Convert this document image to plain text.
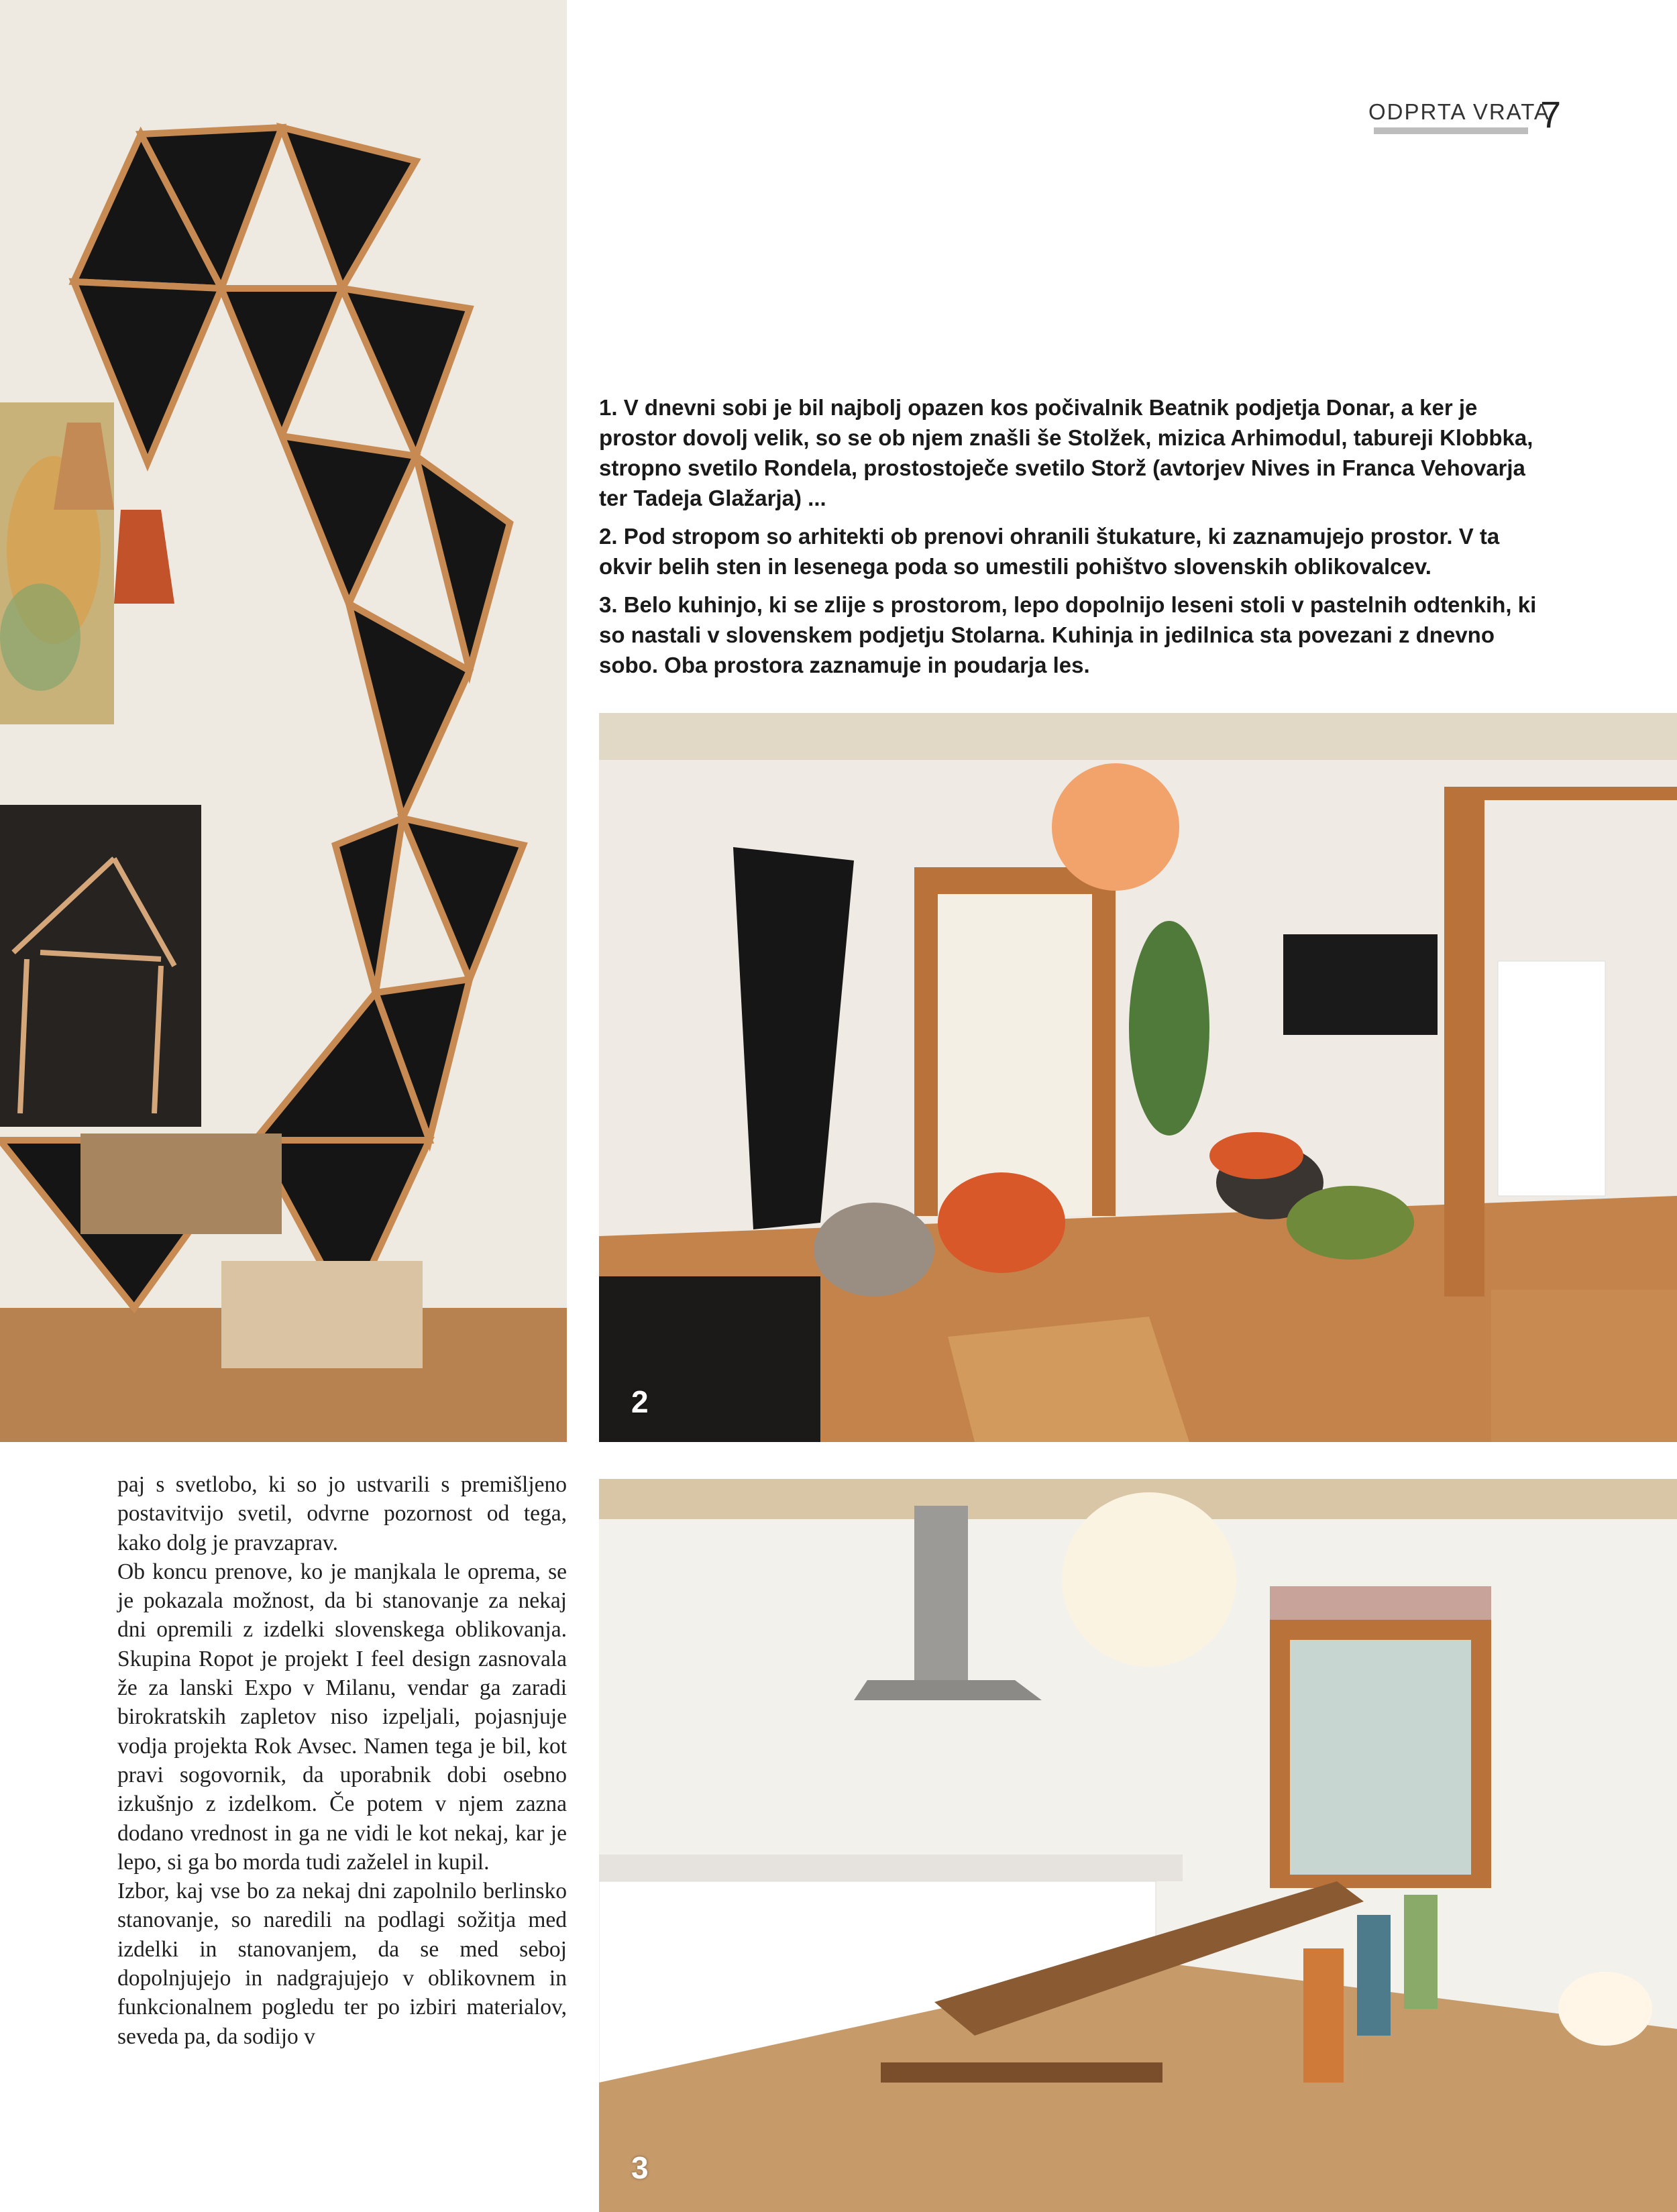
ODPRTA VRATA
7

1. V dnevni sobi je bil najbolj opazen kos počivalnik Beatnik podjetja Donar, a ker je prostor dovolj velik, so se ob njem znašli še Stolžek, mizica Arhimodul, tabureji Klobbka, stropno svetilo Rondela, prostostoječe svetilo Storž (avtorjev Nives in Franca Vehovarja ter Tadeja Glažarja) ...

2. Pod stropom so arhitekti ob prenovi ohranili štukature, ki zaznamujejo prostor. V ta okvir belih sten in lesenega poda so umestili pohištvo slovenskih oblikovalcev.

3. Belo kuhinjo, ki se zlije s prostorom, lepo dopolnijo leseni stoli v pastelnih odtenkih, ki so nastali v slovenskem podjetju Stolarna. Kuhinja in jedilnica sta povezani z dnevno sobo. Oba prostora zaznamuje in poudarja les.

2
3

paj s svetlobo, ki so jo ustvarili s premišljeno postavitvijo svetil, odvrne pozornost od tega, kako dolg je pravzaprav.

Ob koncu prenove, ko je manjkala le oprema, se je pokazala možnost, da bi stanovanje za nekaj dni opremili z izdelki slovenskega oblikovanja. Skupina Ropot je projekt I feel design zasnovala že za lanski Expo v Milanu, vendar ga zaradi birokratskih zapletov niso izpeljali, pojasnjuje vodja projekta Rok Avsec. Namen tega je bil, kot pravi sogovornik, da uporabnik dobi osebno izkušnjo z izdelkom. Če potem v njem zazna dodano vrednost in ga ne vidi le kot nekaj, kar je lepo, si ga bo morda tudi zaželel in kupil.

Izbor, kaj vse bo za nekaj dni zapolnilo berlinsko stanovanje, so naredili na podlagi sožitja med izdelki in stanovanjem, da se med seboj dopolnjujejo in nadgrajujejo v oblikovnem in funkcionalnem pogledu ter po izbiri materialov, seveda pa, da sodijo v
